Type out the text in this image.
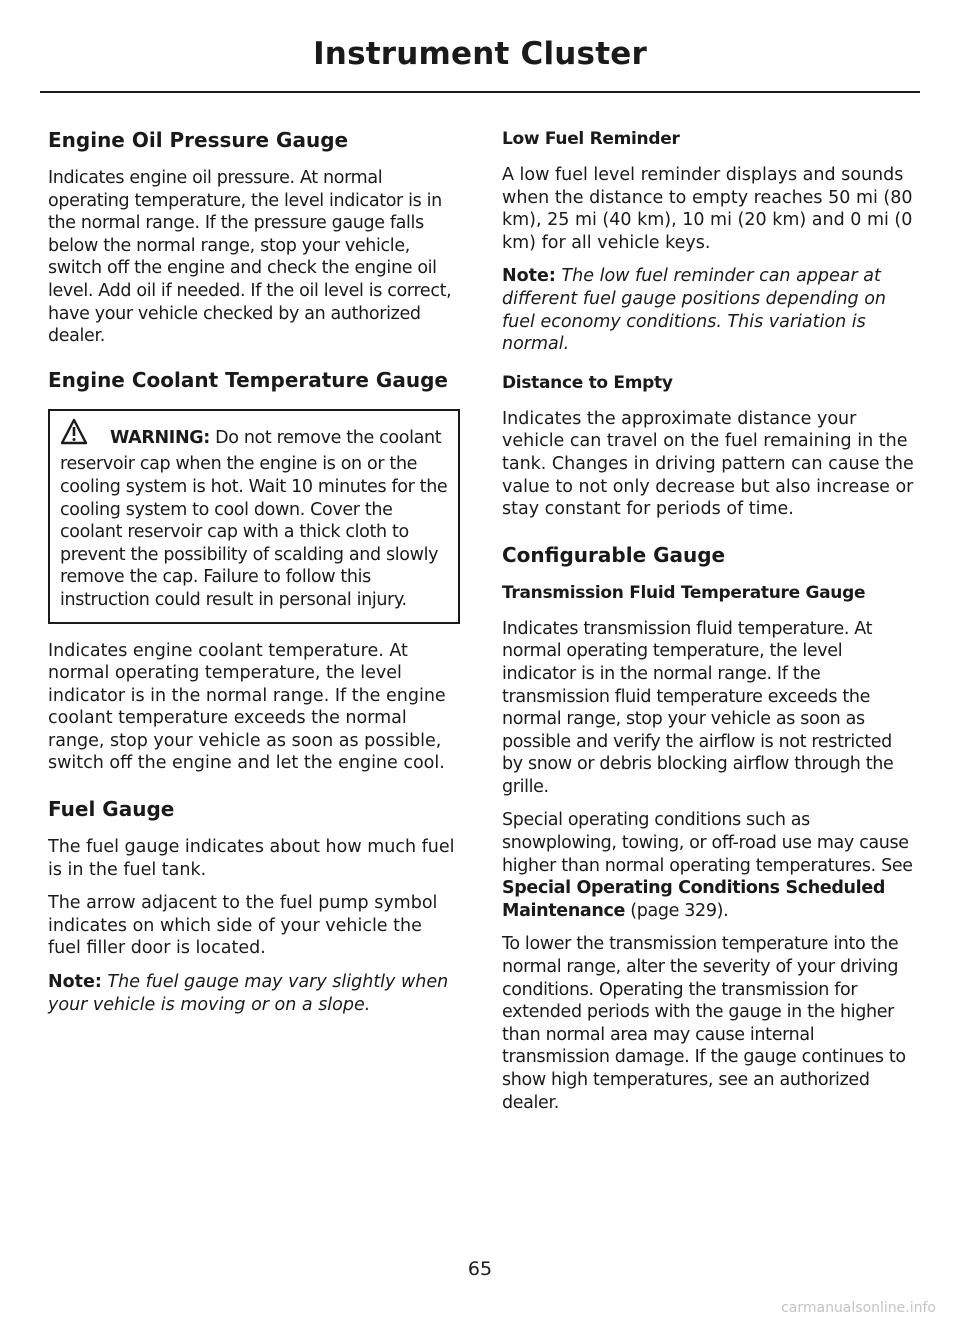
Instrument Cluster
Engine Oil Pressure Gauge

Indicates engine oil pressure. At normal operating temperature, the level indicator is in the normal range. If the pressure gauge falls below the normal range, stop your vehicle, switch off the engine and check the engine oil level. Add oil if needed. If the oil level is correct, have your vehicle checked by an authorized dealer.

Engine Coolant Temperature Gauge

WARNING: Do not remove the coolant reservoir cap when the engine is on or the cooling system is hot. Wait 10 minutes for the cooling system to cool down. Cover the coolant reservoir cap with a thick cloth to prevent the possibility of scalding and slowly remove the cap. Failure to follow this instruction could result in personal injury.

Indicates engine coolant temperature. At normal operating temperature, the level indicator is in the normal range. If the engine coolant temperature exceeds the normal range, stop your vehicle as soon as possible, switch off the engine and let the engine cool.

Fuel Gauge

The fuel gauge indicates about how much fuel is in the fuel tank.

The arrow adjacent to the fuel pump symbol indicates on which side of your vehicle the fuel filler door is located.

Note: The fuel gauge may vary slightly when your vehicle is moving or on a slope.

Low Fuel Reminder

A low fuel level reminder displays and sounds when the distance to empty reaches 50 mi (80 km), 25 mi (40 km), 10 mi (20 km) and 0 mi (0 km) for all vehicle keys.

Note: The low fuel reminder can appear at different fuel gauge positions depending on fuel economy conditions. This variation is normal.

Distance to Empty

Indicates the approximate distance your vehicle can travel on the fuel remaining in the tank. Changes in driving pattern can cause the value to not only decrease but also increase or stay constant for periods of time.

Configurable Gauge
Transmission Fluid Temperature Gauge

Indicates transmission fluid temperature. At normal operating temperature, the level indicator is in the normal range. If the transmission fluid temperature exceeds the normal range, stop your vehicle as soon as possible and verify the airflow is not restricted by snow or debris blocking airflow through the grille.

Special operating conditions such as snowplowing, towing, or off-road use may cause higher than normal operating temperatures. See Special Operating Conditions Scheduled Maintenance (page 329).

To lower the transmission temperature into the normal range, alter the severity of your driving conditions. Operating the transmission for extended periods with the gauge in the higher than normal area may cause internal transmission damage. If the gauge continues to show high temperatures, see an authorized dealer.

65
carmanualsonline.info
